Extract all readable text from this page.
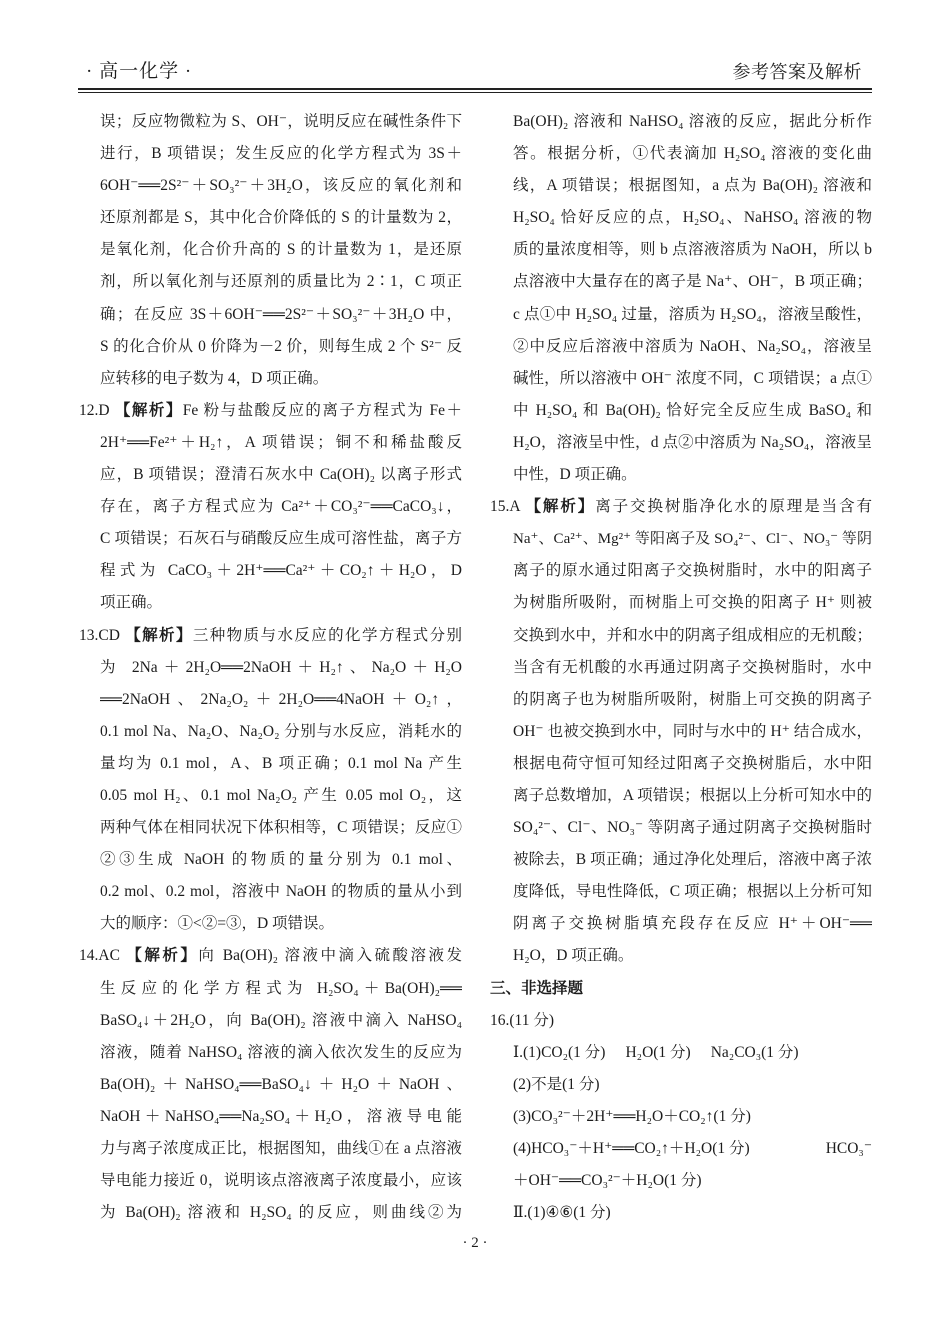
· 高一化学 ·	参考答案及解析
误；反应物微粒为 S、OH⁻，说明反应在碱性条件下
进行，B 项错误；发生反应的化学方程式为 3S＋
6OH⁻══2S²⁻＋SO₃²⁻＋3H₂O，该反应的氧化剂和
还原剂都是 S，其中化合价降低的 S 的计量数为 2，
是氧化剂，化合价升高的 S 的计量数为 1，是还原
剂，所以氧化剂与还原剂的质量比为 2∶1，C 项正
确；在反应 3S＋6OH⁻══2S²⁻＋SO₃²⁻＋3H₂O 中，
S 的化合价从 0 价降为－2 价，则每生成 2 个 S²⁻ 反
应转移的电子数为 4，D 项正确。
12.D 【解析】Fe 粉与盐酸反应的离子方程式为 Fe＋
2H⁺══Fe²⁺＋H₂↑，A 项错误；铜不和稀盐酸反
应，B 项错误；澄清石灰水中 Ca(OH)₂ 以离子形式
存在，离子方程式应为 Ca²⁺＋CO₃²⁻══CaCO₃↓，
C 项错误；石灰石与硝酸反应生成可溶性盐，离子方
程式为 CaCO₃＋2H⁺══Ca²⁺＋CO₂↑＋H₂O，D
项正确。
13.CD 【解析】三种物质与水反应的化学方程式分别
为 2Na＋2H₂O══2NaOH＋H₂↑、Na₂O＋H₂O
══2NaOH、2Na₂O₂＋2H₂O══4NaOH＋O₂↑，
0.1 mol Na、Na₂O、Na₂O₂ 分别与水反应，消耗水的
量均为 0.1 mol，A、B 项正确；0.1 mol Na 产生
0.05 mol H₂、0.1 mol Na₂O₂ 产生 0.05 mol O₂，这
两种气体在相同状况下体积相等，C 项错误；反应①
②③生成 NaOH 的物质的量分别为 0.1 mol、
0.2 mol、0.2 mol，溶液中 NaOH 的物质的量从小到
大的顺序：①<②=③，D 项错误。
14.AC 【解析】向 Ba(OH)₂ 溶液中滴入硫酸溶液发
生反应的化学方程式为 H₂SO₄＋Ba(OH)₂══
BaSO₄↓＋2H₂O，向 Ba(OH)₂ 溶液中滴入 NaHSO₄
溶液，随着 NaHSO₄ 溶液的滴入依次发生的反应为
Ba(OH)₂＋NaHSO₄══BaSO₄↓＋H₂O＋NaOH、
NaOH＋NaHSO₄══Na₂SO₄＋H₂O，溶液导电能
力与离子浓度成正比，根据图知，曲线①在 a 点溶液
导电能力接近 0，说明该点溶液离子浓度最小，应该
为 Ba(OH)₂ 溶液和 H₂SO₄ 的反应，则曲线②为
Ba(OH)₂ 溶液和 NaHSO₄ 溶液的反应，据此分析作
答。根据分析，①代表滴加 H₂SO₄ 溶液的变化曲
线，A 项错误；根据图知，a 点为 Ba(OH)₂ 溶液和
H₂SO₄ 恰好反应的点，H₂SO₄、NaHSO₄ 溶液的物
质的量浓度相等，则 b 点溶液溶质为 NaOH，所以 b
点溶液中大量存在的离子是 Na⁺、OH⁻，B 项正确；
c 点①中 H₂SO₄ 过量，溶质为 H₂SO₄，溶液呈酸性，
②中反应后溶液中溶质为 NaOH、Na₂SO₄，溶液呈
碱性，所以溶液中 OH⁻ 浓度不同，C 项错误；a 点①
中 H₂SO₄ 和 Ba(OH)₂ 恰好完全反应生成 BaSO₄ 和
H₂O，溶液呈中性，d 点②中溶质为 Na₂SO₄，溶液呈
中性，D 项正确。
15.A 【解析】离子交换树脂净化水的原理是当含有
Na⁺、Ca²⁺、Mg²⁺ 等阳离子及 SO₄²⁻、Cl⁻、NO₃⁻ 等阴
离子的原水通过阳离子交换树脂时，水中的阳离子
为树脂所吸附，而树脂上可交换的阳离子 H⁺ 则被
交换到水中，并和水中的阴离子组成相应的无机酸；
当含有无机酸的水再通过阴离子交换树脂时，水中
的阴离子也为树脂所吸附，树脂上可交换的阴离子
OH⁻ 也被交换到水中，同时与水中的 H⁺ 结合成水，
根据电荷守恒可知经过阳离子交换树脂后，水中阳
离子总数增加，A 项错误；根据以上分析可知水中的
SO₄²⁻、Cl⁻、NO₃⁻ 等阴离子通过阴离子交换树脂时
被除去，B 项正确；通过净化处理后，溶液中离子浓
度降低，导电性降低，C 项正确；根据以上分析可知
阴离子交换树脂填充段存在反应 H⁺＋OH⁻══
H₂O，D 项正确。
三、非选择题
16.(11 分)
Ⅰ.(1)CO₂(1 分) H₂O(1 分) Na₂CO₃(1 分)
(2)不是(1 分)
(3)CO₃²⁻＋2H⁺══H₂O＋CO₂↑(1 分)
(4)HCO₃⁻＋H⁺══CO₂↑＋H₂O(1 分)	HCO₃⁻
＋OH⁻══CO₃²⁻＋H₂O(1 分)
Ⅱ.(1)④⑥(1 分)
· 2 ·
